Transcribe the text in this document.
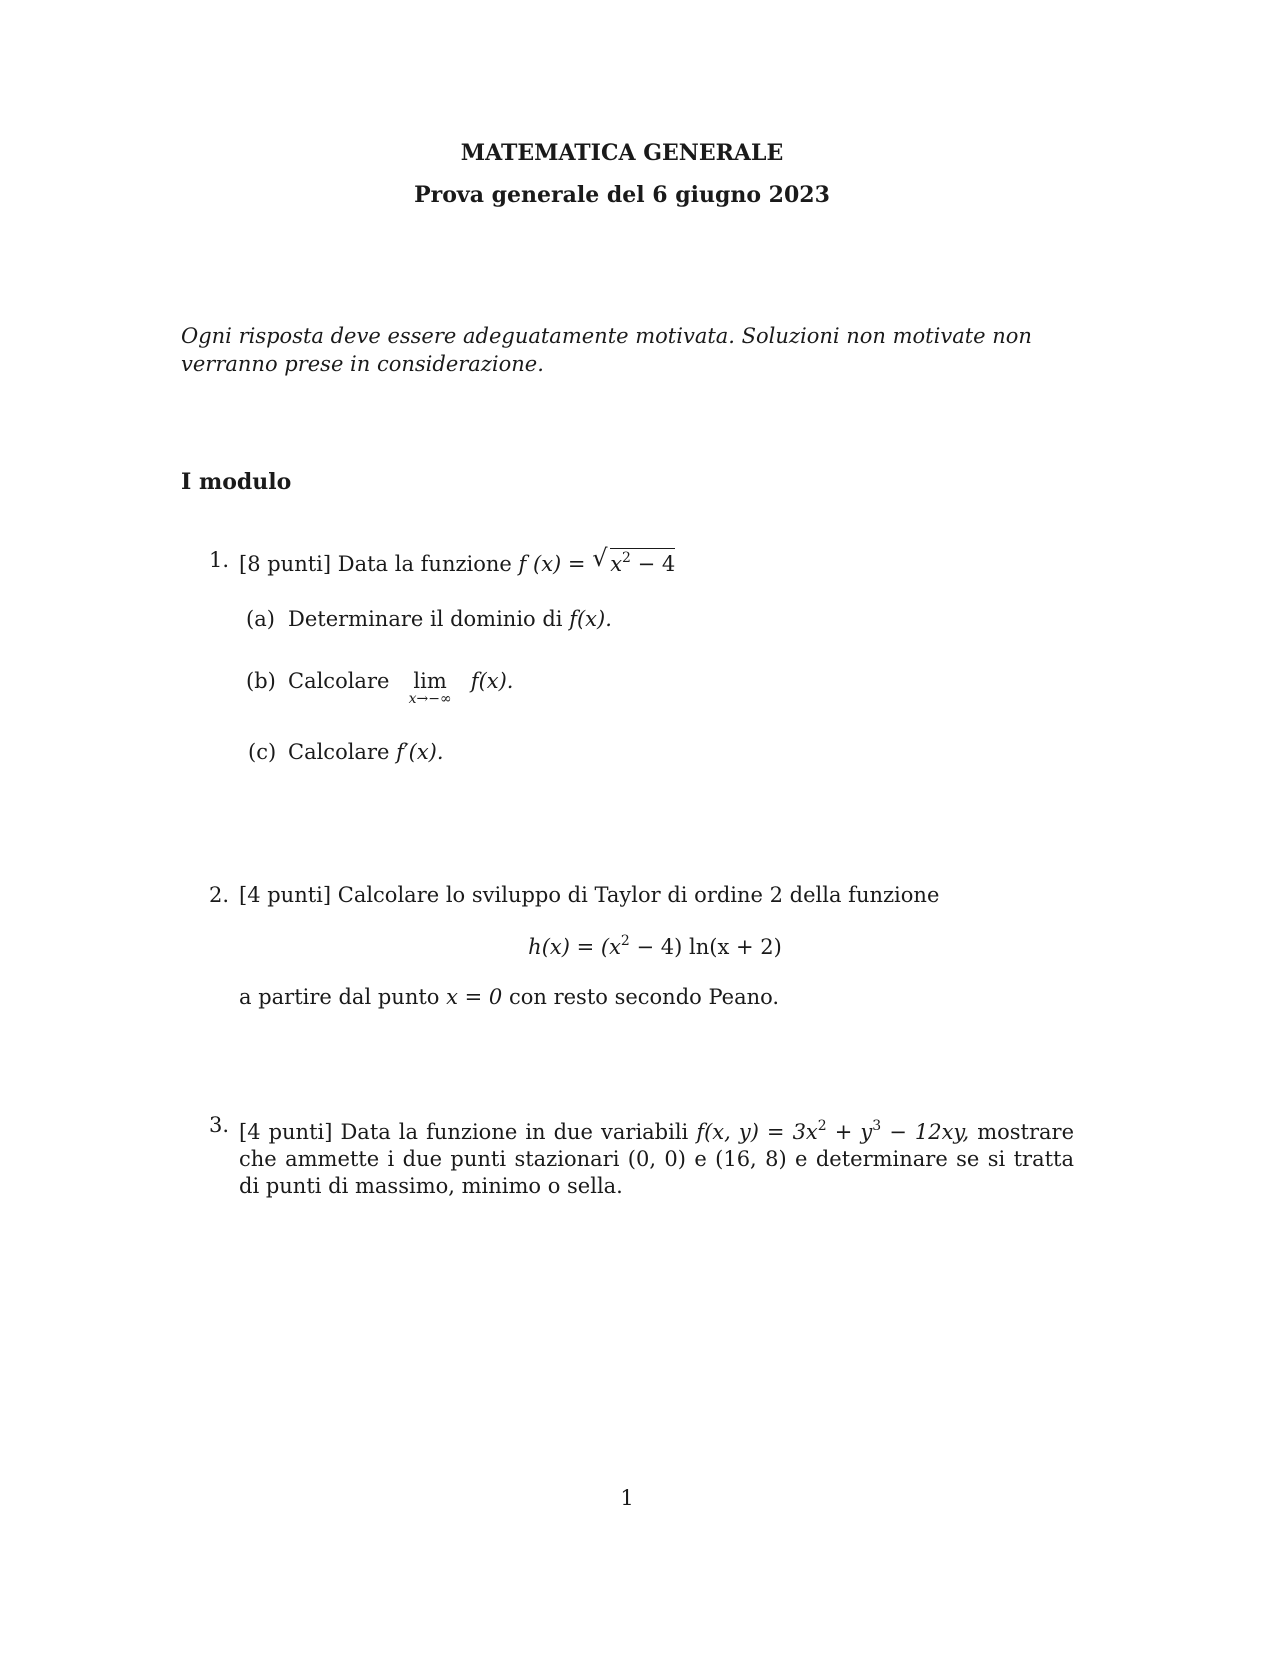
MATEMATICA GENERALE
Prova generale del 6 giugno 2023
Ogni risposta deve essere adeguatamente motivata. Soluzioni non motivate non verranno prese in considerazione.
I modulo
1. [8 punti] Data la funzione f (x) = √ $x^2 - 4$
(a) Determinare il dominio di f(x).
(b) Calcolare lim
x→−∞
f(x).
(c) Calcolare f′(x).
2. [4 punti] Calcolare lo sviluppo di Taylor di ordine 2 della funzione
$h(x) = (x^2 - 4) \ln(x + 2)$
a partire dal punto x = 0 con resto secondo Peano.
3. [4 punti] Data la funzione in due variabili f(x, $y) = 3x^2 + y^3 - 12xy$, mostrare che ammette i due punti stazionari (0, 0) e (16, 8) e determinare se si tratta di punti di massimo, minimo o sella.
1
